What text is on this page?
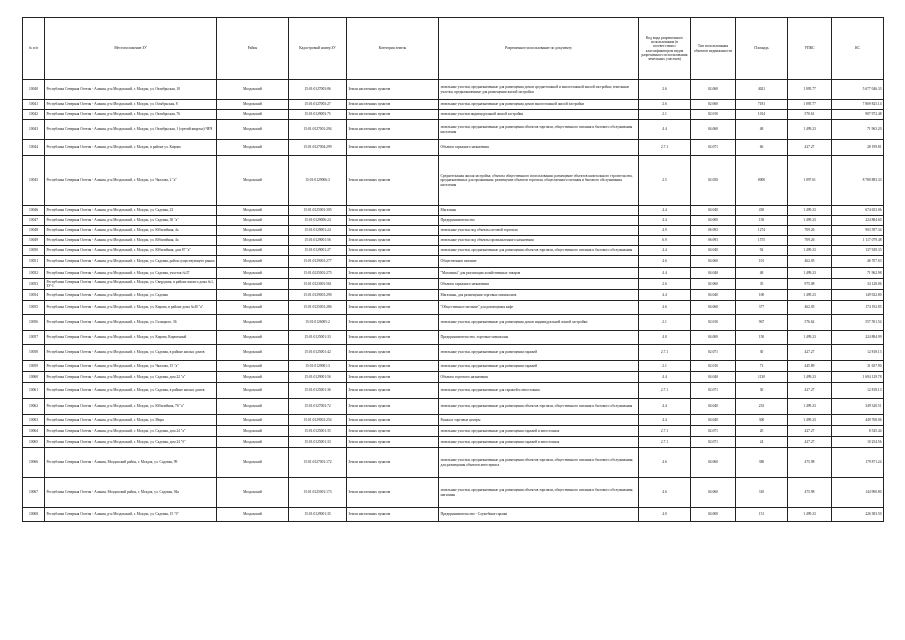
№ п/п	Местоположение ЗУ	Район	Кадастровый номер ЗУ	Категория земель	Разрешенное использование по документу	Код вида разрешенного использования (в соответствии с классификатором видов разрешенного использования земельных участков)	Тип использования объектов недвижимости	Площадь	УПКС	КС
10040	Республика Северная Осетия - Алания, р-н Моздокский, г. Моздок, ул. Октябрьская, 10	Моздокский	15:01:0127003:86	Земли населенных пунктов	земельные участки, предназначенные для размещения домов среднеэтажной и многоэтажной жилой застройки; земельные участки, предназначенные для размещения жилой застройки	2.6	02:060	4021	1 095.77	5 677 046.33
10041	Республика Северная Осетия - Алания, р-н Моздокский, г. Моздок, ул. Octябрьская, 8	Моздокский	15:01:0127003:27	Земли населенных пунктов	земельные участки, предназначенные для размещения домов многоэтажной жилой застройки	2.6	02:060	7181	1 095.77	7 869 825.14
10042	Республика Северная Осетия - Алания, р-н Моздокский, г. Моздок, ул. Октябрьская, 76	Моздокский	15:01:0129003:75	Земли населенных пунктов	земельные участки индивидуальной жилой застройки	2.1	02:010	1014	570.61	907 972.48
10043	Республика Северная Осетия - Алания, р-н Моздокский, г. Моздок, ул. Октябрьская, 1 (третий квартал) ЧЕЧ	Моздокский	15:01:0127001:294	Земли населенных пунктов	земельные участки, предназначенные для размещения объектов торговли, общественного питания и бытового обслуживания населения	4.4	04:060	48	1 499.23	71 963.20
10044	Республика Северная Осетия - Алания, р-н Моздокский, г. Моздок, в районе ул. Кирова	Моздокский	15:01:0127004:299	Земли населенных пунктов	Объекты гаражного назначения	2.7.1	02:071	66	427.27	28 199.81
10045	Республика Северная Осетия - Алания, р-н Моздокский, г. Моздок, ул. Чкалова, 2 "а"	Моздокский	15:01:0129006:3	Земли населенных пунктов	Среднеэтажная жилая застройка; объекты общественного использования; размещение объектов капитального строительства, предназначенных для проживания; размещение объектов торговли, общественного питания и бытового обслуживания населения	2.5	02:050	8000	1 097.61	8 780 883.33
10046	Республика Северная Осетия - Алания, р-н Моздокский, г. Моздок, ул. Садовая, 23	Моздокский	15:01:0125001:305	Земли населенных пунктов	Магазины	4.4	04:040	450	1 499.23	674 653.06
10047	Республика Северная Осетия - Алания, р-н Моздокский, г. Моздок, ул. Садовая, 30 "а"	Моздокский	15:01:0129006:24	Земли населенных пунктов	Предпринимательство	4.4	04:000	150	1 499.23	224 884.60
10048	Республика Северная Осетия - Алания, р-н Моздокский, г. Моздок, ул. Юбилейная, 4а	Моздокский	15:01:0129001:24	Земли населенных пунктов	земельные участки под объекты оптовой торговли	4.9	06:093	1274	709.26	903 597.34
10049	Республика Северная Осетия - Алания, р-н Моздокский, г. Моздок, ул. Юбилейная, 4а	Моздокский	15:01:0129001:56	Земли населенных пунктов	земельные участки под объекты промышленного назначения	6.9	06:093	1575	709.26	1 117 079.48
10050	Республика Северная Осетия - Алания, р-н Моздокский, г. Моздок, ул. Юбилейная, дом 87 "а"	Моздокский	15:01:0129001:27	Земли населенных пунктов	земельные участки, предназначенные для размещения объектов торговли, общественного питания и бытового обслуживания	4.4	04:040	92	1 499.23	137 929.33
10051	Республика Северная Осетия - Алания, р-н Моздокский, г. Моздок, ул. Садовая, район существующего рынка	Моздокский	15:01:0129001:277	Земли населенных пунктов	Общественное питание	4.6	04:060	101	462.05	46 707.03
10052	Республика Северная Осетия - Алания, р-н Моздокский, г. Моздок, ул. Садовая, участок №37	Моздокский	15:01:0125001:275	Земли населенных пунктов	"Магазины" для реализации хозяйственных товаров	4.4	04:040	48	1 499.23	71 962.98
10053	Республика Северная Осетия - Алания, р-н Моздокский, г. Моздок, ул. Свердлова, в районе жилого дома №1, ЗУ-1	Моздокский	15:01:0123001:561	Земли населенных пунктов	Объекты гаражного назначения	2.6	02:060	35	975.08	34 128.06
10054	Республика Северная Осетия - Алания, р-н Моздокский, г. Моздок, ул. Садовая	Моздокский	15:01:0129001:290	Земли населенных пунктов	Магазины, для размещения торговых павильонов	4.4	04:040	100	1 499.23	149 922.80
10055	Республика Северная Осетия - Алания, р-н Моздокский, г. Моздок, ул. Кирова, в районе дома №40 "а"	Моздокский	15:01:0125001:286	Земли населенных пунктов	"Общественное питание" для размещения кафе	4.6	04:060	377	462.05	174 192.85
10056	Республика Северная Осетия - Алания, р-н Моздокский, г. Моздок, ул. Галицкого, 36	Моздокский	15:01:0126005:2	Земли населенных пунктов	земельные участки, предназначенные для размещения домов индивидуальной жилой застройки	2.1	02:010	967	576.62	557 591.54
10057	Республика Северная Осетия - Алания, р-н Моздокский, г. Моздок, ул. Кирова, Кирпичный	Моздокский	15:01:0125001:33	Земли населенных пунктов	Предпринимательство, торговые павильоны	4.0	04:000	150	1 499.23	224 884.99
10058	Республика Северная Осетия - Алания, р-н Моздокский, г. Моздок, ул. Садовая, в районе жилых домов	Моздокский	15:01:0125001:42	Земли населенных пунктов	земельные участки, предназначенные для размещения гаражей	2.7.1	02:071	30	427.27	12 818.13
10059	Республика Северная Осетия - Алания, р-н Моздокский, г. Моздок, ул. Чкалова, 15 "а"	Моздокский	15:01:0129001:3	Земли населенных пунктов	земельные участки, предназначенные для размещения гаражей	2.1	02:010	71	445.89	31 657.90
10060	Республика Северная Осетия - Алания, р-н Моздокский, г. Моздок, ул. Садовая, дом 22 "а"	Моздокский	15:01:0129001:56	Земли населенных пунктов	Объекты торгового назначения	4.4	04:040	1130	1 499.23	1 694 129.78
10061	Республика Северная Осетия - Алания, р-н Моздокский, г. Моздок, ул. Садовая, в районе жилых домов	Моздокский	15:01:0125001:36	Земли населенных пунктов	земельные участки, предназначенные для гаражей и автостоянок	2.7.1	02:071	30	427.27	12 818.13
10062	Республика Северная Осетия - Алания, р-н Моздокский, г. Моздок, ул. Юбилейная, 76 "а"	Моздокский	15:01:0127003:72	Земли населенных пунктов	земельные участки, предназначенные для размещения объектов торговли, общественного питания и бытового обслуживания	4.4	04:040	233	1 499.23	349 320.51
10063	Республика Северная Осетия - Алания, р-н Моздокский, г. Моздок, ул. Мира	Моздокский	15:01:0129001:254	Земли населенных пунктов	Рынки и торговые центры	4.4	04:040	300	1 499.23	449 768.06
10064	Республика Северная Осетия - Алания, р-н Моздокский, г. Моздок, ул. Садовая, дом 24 "а"	Моздокский	15:01:0125001:35	Земли населенных пунктов	земельные участки, предназначенные для размещения гаражей и автостоянок	2.7.1	02:071	20	427.27	8 545.44
10065	Республика Северная Осетия - Алания, р-н Моздокский, г. Моздок, ул. Садовая, дом 24 "б"	Моздокский	15:01:0125001:33	Земли населенных пунктов	земельные участки, предназначенные для размещения гаражей и автостоянок	2.7.1	02:071	24	427.27	10 254.56
10066	Республика Северная Осетия - Алания, Моздокский район, г. Моздок, ул. Садовая, 99	Моздокский	15:01:0127001:172	Земли населенных пунктов	земельные участки, предназначенные для размещения объектов торговли, общественного питания и бытового обслуживания; для размещения объектов автосервиса	4.6	04:060	380	475.98	179 871.24
10067	Республика Северная Осетия - Алания, Моздокский район, г. Моздок, ул. Садовая, 94а	Моздокский	15:01:0125001:173	Земли населенных пунктов	земельные участки, предназначенные для размещения объектов торговли, общественного питания и бытового обслуживания; магазины	4.6	04:060	310	475.98	144 900.80
10068	Республика Северная Осетия - Алания, р-н Моздокский, г. Моздок, ул. Садовая, 15 "б"	Моздокский	15:01:0129001:35	Земли населенных пунктов	Предпринимательство - Служебные гаражи	4.0	04:000	151	1 499.23	226 383.50
